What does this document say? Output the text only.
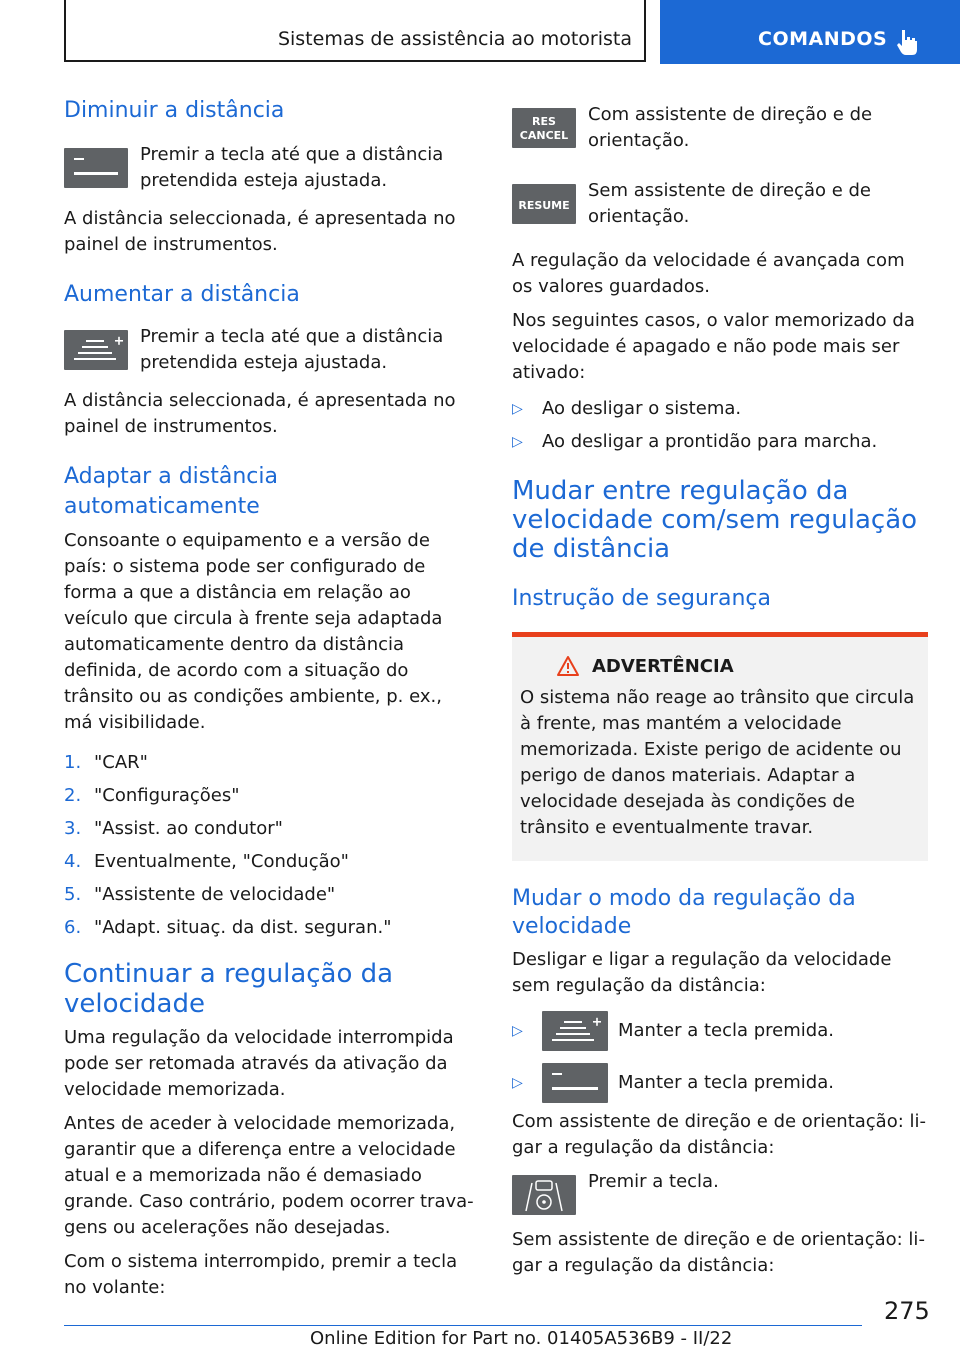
Sistemas de assistência ao motorista	COMANDOS
Diminuir a distância
Premir a tecla até que a distância pretendida esteja ajustada.

A distância seleccionada, é apresentada no painel de instrumentos.

Aumentar a distância
Premir a tecla até que a distância pretendida esteja ajustada.

A distância seleccionada, é apresentada no painel de instrumentos.

Adaptar a distância automaticamente

Consoante o equipamento e a versão de país: o sistema pode ser configurado de forma a que a distância em relação ao veículo que circula à frente seja adaptada automaticamente dentro da distância definida, de acordo com a situação do trânsito ou as condições ambiente, p. ex., má visibilidade.

1. "CAR"
2. "Configurações"
3. "Assist. ao condutor"
4. Eventualmente, "Condução"
5. "Assistente de velocidade"
6. "Adapt. situaç. da dist. seguran."
Continuar a regulação da velocidade

Uma regulação da velocidade interrompida pode ser retomada através da ativação da velocidade memorizada.

Antes de aceder à velocidade memorizada, garantir que a diferença entre a velocidade atual e a memorizada não é demasiado grande. Caso contrário, podem ocorrer travagens ou acelerações não desejadas.

Com o sistema interrompido, premir a tecla no volante:

RES
CANCEL
Com assistente de direção e de orientação.
RESUME
Sem assistente de direção e de orientação.

A regulação da velocidade é avançada com os valores guardados.

Nos seguintes casos, o valor memorizado da velocidade é apagado e não pode mais ser ativado:

▷	Ao desligar o sistema.
▷	Ao desligar a prontidão para marcha.
Mudar entre regulação da velocidade com/sem regulação de distância
Instrução de segurança
ADVERTÊNCIA

O sistema não reage ao trânsito que circula à frente, mas mantém a velocidade memorizada. Existe perigo de acidente ou perigo de danos materiais. Adaptar a velocidade desejada às condições de trânsito e eventualmente travar.

Mudar o modo da regulação da velocidade

Desligar e ligar a regulação da velocidade sem regulação da distância:

▷	Manter a tecla premida.
▷	Manter a tecla premida.

Com assistente de direção e de orientação: ligar a regulação da distância:

Premir a tecla.

Sem assistente de direção e de orientação: ligar a regulação da distância:

275
Online Edition for Part no. 01405A536B9 - II/22
